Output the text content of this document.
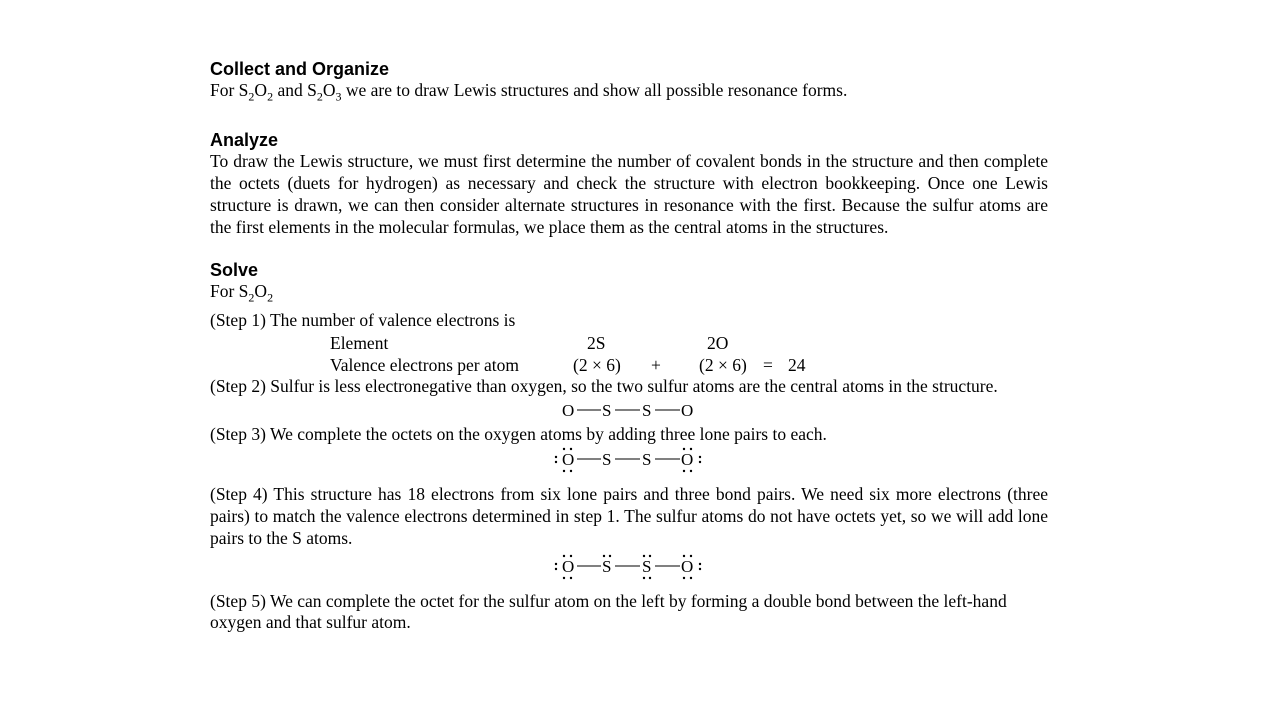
Collect and Organize

For $S_2O_2$ and $S_2O_3$ we are to draw Lewis structures and show all possible resonance forms.

Analyze

To draw the Lewis structure, we must first determine the number of covalent bonds in the structure and then complete the octets (duets for hydrogen) as necessary and check the structure with electron bookkeeping. Once one Lewis structure is drawn, we can then consider alternate structures in resonance with the first. Because the sulfur atoms are the first elements in the molecular formulas, we place them as the central atoms in the structures.

Solve

For $S_2O_2$

(Step 1) The number of valence electrons is

Element	2S	2O
Valence electrons per atom	(2 × 6) + (2 × 6) = 24

(Step 2) Sulfur is less electronegative than oxygen, so the two sulfur atoms are the central atoms in the structure.

O S S O

(Step 3) We complete the octets on the oxygen atoms by adding three lone pairs to each.

O S S O

(Step 4) This structure has 18 electrons from six lone pairs and three bond pairs. We need six more electrons (three pairs) to match the valence electrons determined in step 1. The sulfur atoms do not have octets yet, so we will add lone pairs to the S atoms.

O S S O

(Step 5) We can complete the octet for the sulfur atom on the left by forming a double bond between the left-hand oxygen and that sulfur atom.
